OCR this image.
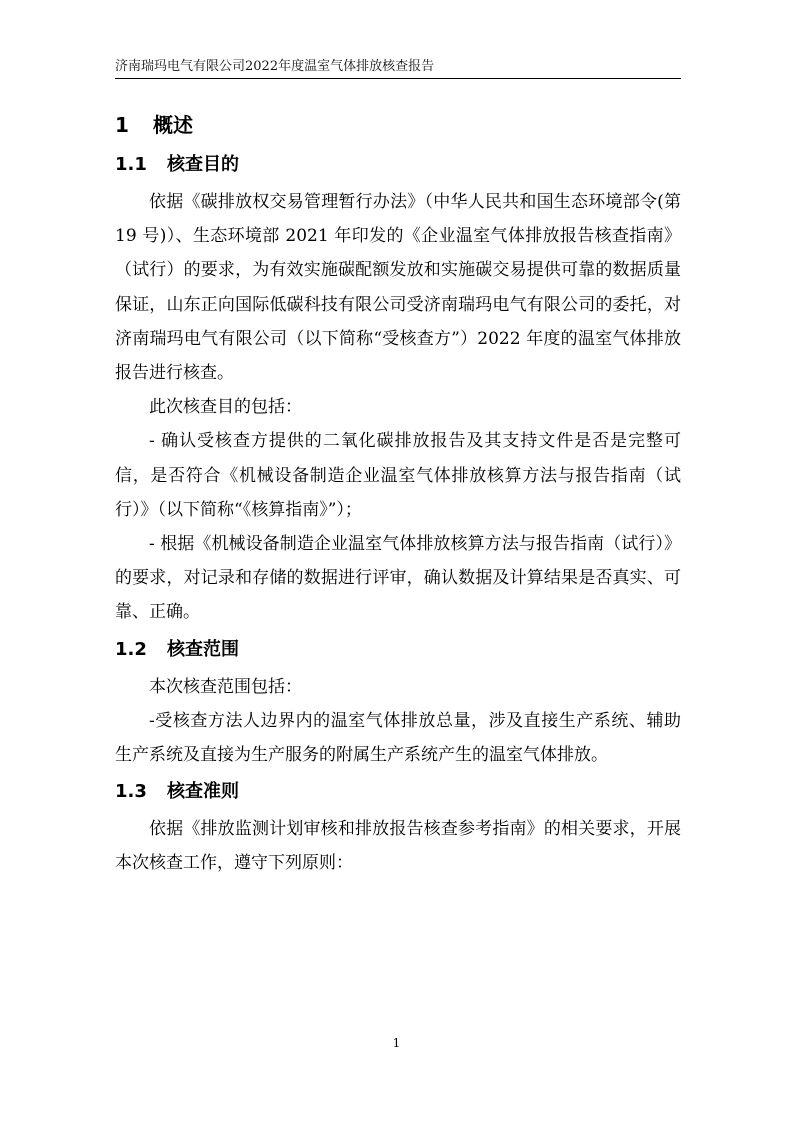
济南瑞玛电气有限公司2022年度温室气体排放核查报告
1 概述
1.1 核查目的

依据《碳排放权交易管理暂行办法》（中华人民共和国生态环境部令(第 19 号)）、生态环境部 2021 年印发的《企业温室气体排放报告核查指南》（试行）的要求，为有效实施碳配额发放和实施碳交易提供可靠的数据质量保证，山东正向国际低碳科技有限公司受济南瑞玛电气有限公司的委托，对济南瑞玛电气有限公司（以下简称“受核查方”）2022 年度的温室气体排放报告进行核查。

此次核查目的包括：

- 确认受核查方提供的二氧化碳排放报告及其支持文件是否是完整可信，是否符合《机械设备制造企业温室气体排放核算方法与报告指南（试行）》（以下简称“《核算指南》”）；

- 根据《机械设备制造企业温室气体排放核算方法与报告指南（试行）》的要求，对记录和存储的数据进行评审，确认数据及计算结果是否真实、可靠、正确。

1.2 核查范围

本次核查范围包括：

-受核查方法人边界内的温室气体排放总量，涉及直接生产系统、辅助生产系统及直接为生产服务的附属生产系统产生的温室气体排放。

1.3 核查准则

依据《排放监测计划审核和排放报告核查参考指南》的相关要求，开展本次核查工作，遵守下列原则：

1
